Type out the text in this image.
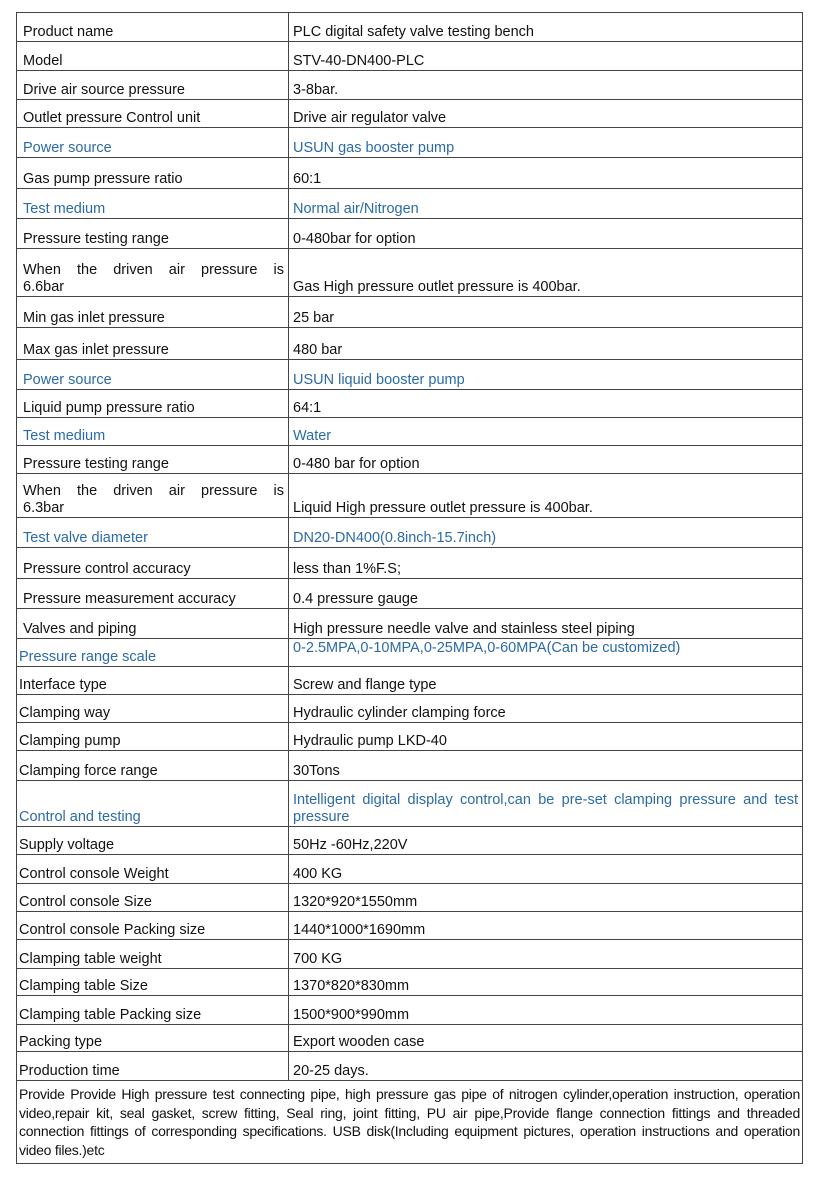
Product name	PLC digital safety valve testing bench
Model	STV-40-DN400-PLC
Drive air source pressure	3-8bar.
Outlet pressure Control unit	Drive air regulator valve
Power source	USUN gas booster pump
Gas pump pressure ratio	60:1
Test medium	Normal air/Nitrogen
Pressure testing range	0-480bar for option

When the driven air pressure is 6.6bar	Gas High pressure outlet pressure is 400bar.
Min gas inlet pressure	25 bar
Max gas inlet pressure	480 bar
Power source	USUN liquid booster pump
Liquid pump pressure ratio	64:1
Test medium	Water
Pressure testing range	0-480 bar for option

When the driven air pressure is 6.3bar	Liquid High pressure outlet pressure is 400bar.
Test valve diameter	DN20-DN400(0.8inch-15.7inch)
Pressure control accuracy	less than 1%F.S;
Pressure measurement accuracy	0.4 pressure gauge
Valves and piping	High pressure needle valve and stainless steel piping
Pressure range scale	0-2.5MPA,0-10MPA,0-25MPA,0-60MPA(Can be customized)
Interface type	Screw and flange type
Clamping way	Hydraulic cylinder clamping force
Clamping pump	Hydraulic pump LKD-40
Clamping force range	30Tons
Control and testing	Intelligent digital display control,can be pre-set clamping pressure and test pressure

Supply voltage	50Hz -60Hz,220V
Control console Weight	400 KG
Control console Size	1320*920*1550mm
Control console Packing size	1440*1000*1690mm
Clamping table weight	700 KG
Clamping table Size	1370*820*830mm
Clamping table Packing size	1500*900*990mm
Packing type	Export wooden case
Production time	20-25 days.
Provide Provide High pressure test connecting pipe, high pressure gas pipe of nitrogen cylinder,operation instruction, operation video,repair kit, seal gasket, screw fitting, Seal ring, joint fitting, PU air pipe,Provide flange connection fittings and threaded connection fittings of corresponding specifications. USB disk(Including equipment pictures, operation instructions and operation video files.)etc	
